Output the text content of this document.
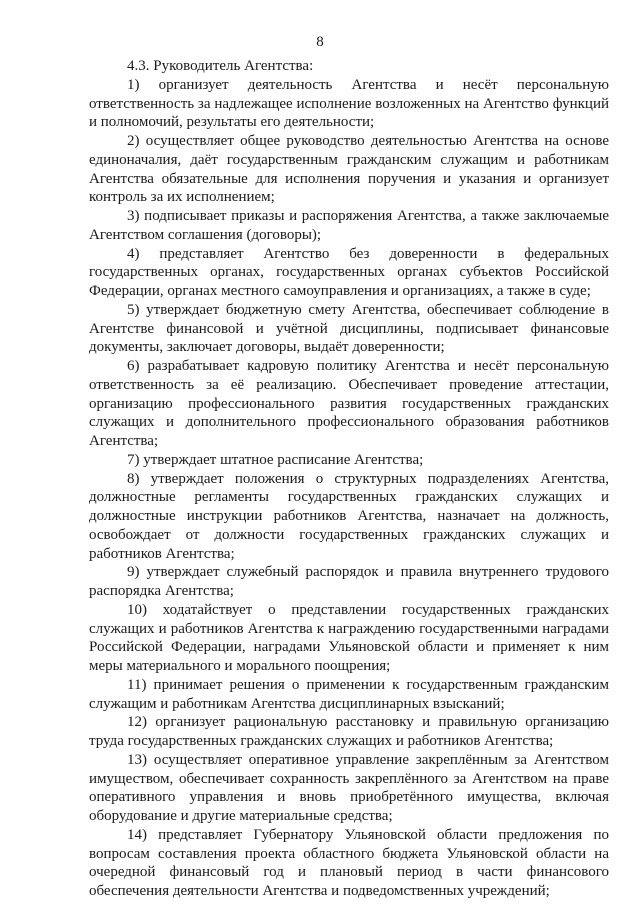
8

4.3. Руководитель Агентства:

1) организует деятельность Агентства и несёт персональную ответственность за надлежащее исполнение возложенных на Агентство функций и полномочий, результаты его деятельности;

2) осуществляет общее руководство деятельностью Агентства на основе единоначалия, даёт государственным гражданским служащим и работникам Агентства обязательные для исполнения поручения и указания и организует контроль за их исполнением;

3) подписывает приказы и распоряжения Агентства, а также заключаемые Агентством соглашения (договоры);

4) представляет Агентство без доверенности в федеральных государственных органах, государственных органах субъектов Российской Федерации, органах местного самоуправления и организациях, а также в суде;

5) утверждает бюджетную смету Агентства, обеспечивает соблюдение в Агентстве финансовой и учётной дисциплины, подписывает финансовые документы, заключает договоры, выдаёт доверенности;

6) разрабатывает кадровую политику Агентства и несёт персональную ответственность за её реализацию. Обеспечивает проведение аттестации, организацию профессионального развития государственных гражданских служащих и дополнительного профессионального образования работников Агентства;

7) утверждает штатное расписание Агентства;

8) утверждает положения о структурных подразделениях Агентства, должностные регламенты государственных гражданских служащих и должностные инструкции работников Агентства, назначает на должность, освобождает от должности государственных гражданских служащих и работников Агентства;

9) утверждает служебный распорядок и правила внутреннего трудового распорядка Агентства;

10) ходатайствует о представлении государственных гражданских служащих и работников Агентства к награждению государственными наградами Российской Федерации, наградами Ульяновской области и применяет к ним меры материального и морального поощрения;

11) принимает решения о применении к государственным гражданским служащим и работникам Агентства дисциплинарных взысканий;

12) организует рациональную расстановку и правильную организацию труда государственных гражданских служащих и работников Агентства;

13) осуществляет оперативное управление закреплённым за Агентством имуществом, обеспечивает сохранность закреплённого за Агентством на праве оперативного управления и вновь приобретённого имущества, включая оборудование и другие материальные средства;

14) представляет Губернатору Ульяновской области предложения по вопросам составления проекта областного бюджета Ульяновской области на очередной финансовый год и плановый период в части финансового обеспечения деятельности Агентства и подведомственных учреждений;
